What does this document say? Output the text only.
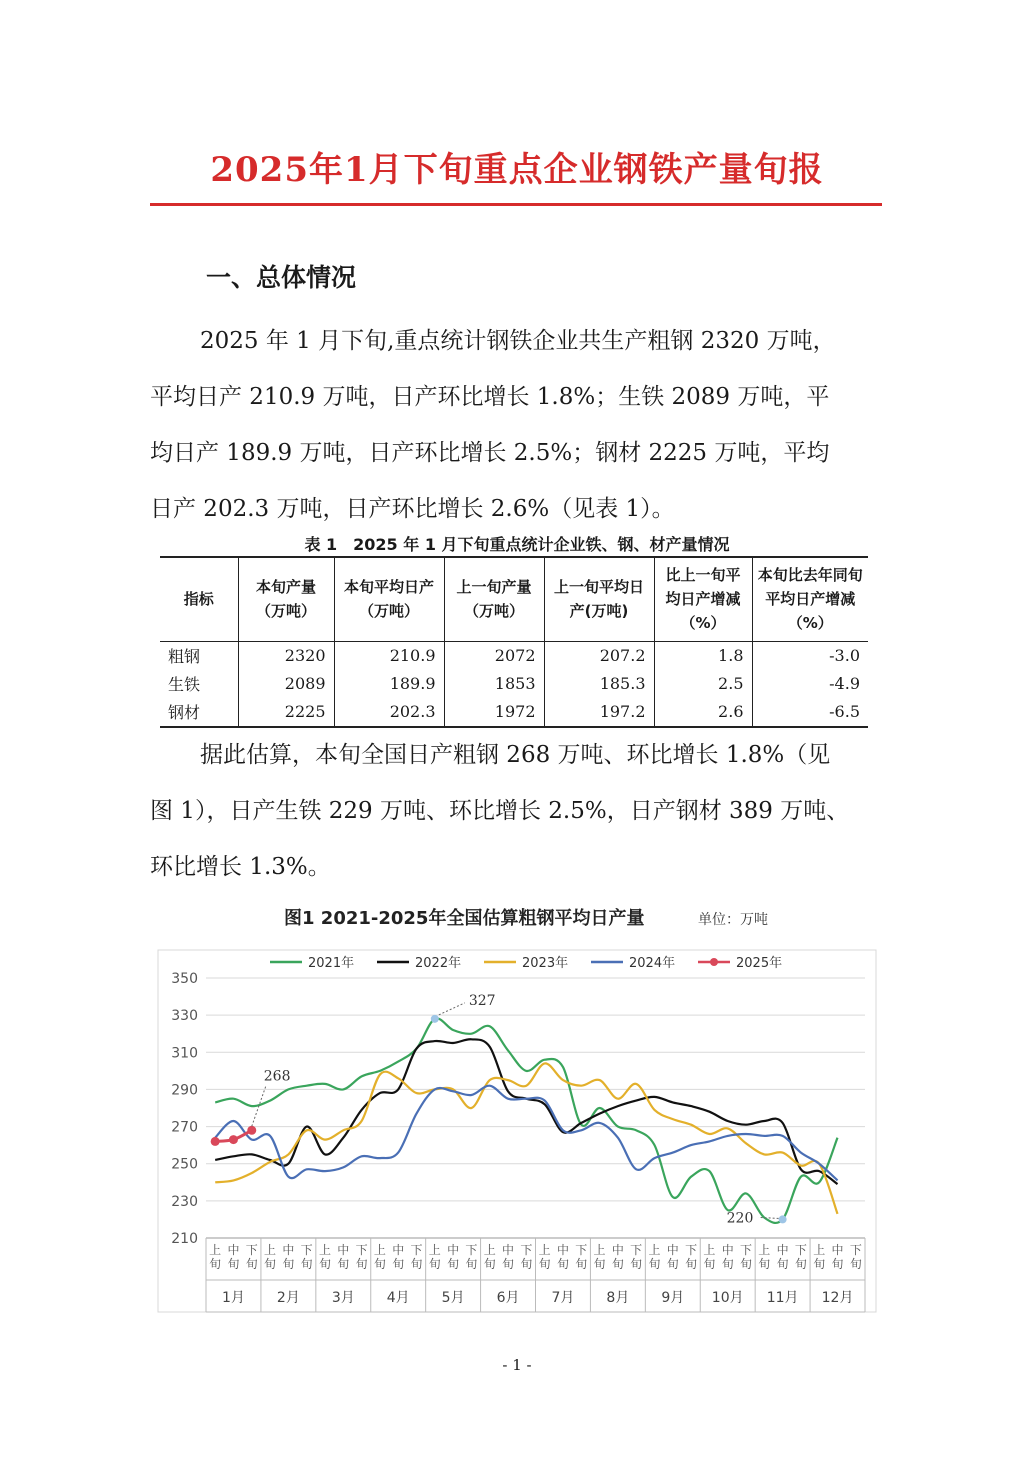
2025年1月下旬重点企业钢铁产量旬报
一、总体情况
2025 年 1 月下旬,重点统计钢铁企业共生产粗钢 2320 万吨，
平均日产 210.9 万吨，日产环比增长 1.8%；生铁 2089 万吨，平
均日产 189.9 万吨，日产环比增长 2.5%；钢材 2225 万吨，平均
日产 202.3 万吨，日产环比增长 2.6%（见表 1）。
表 1　2025 年 1 月下旬重点统计企业铁、钢、材产量情况
指标	本旬产量（万吨）	本旬平均日产（万吨）	上一旬产量（万吨）	上一旬平均日产(万吨)	比上一旬平均日产增减（%）	本旬比去年同旬平均日产增减（%）
粗钢	2320	210.9	2072	207.2	1.8	-3.0
生铁	2089	189.9	1853	185.3	2.5	-4.9
钢材	2225	202.3	1972	197.2	2.6	-6.5
据此估算，本旬全国日产粗钢 268 万吨、环比增长 1.8%（见
图 1），日产生铁 229 万吨、环比增长 2.5%，日产钢材 389 万吨、
环比增长 1.3%。
图1 2021-2025年全国估算粗钢平均日产量	单位：万吨
2021年	2022年	2023年	2024年	2025年
210
230
250
270
290
310
330
350
上
旬
中
旬
下
旬
1月
上
旬
中
旬
下
旬
2月
上
旬
中
旬
下
旬
3月
上
旬
中
旬
下
旬
4月
上
旬
中
旬
下
旬
5月
上
旬
中
旬
下
旬
6月
上
旬
中
旬
下
旬
7月
上
旬
中
旬
下
旬
8月
上
旬
中
旬
下
旬
9月
上
旬
中
旬
下
旬
10月
上
旬
中
旬
下
旬
11月
上
旬
中
旬
下
旬
12月
268
327
220
- 1 -
